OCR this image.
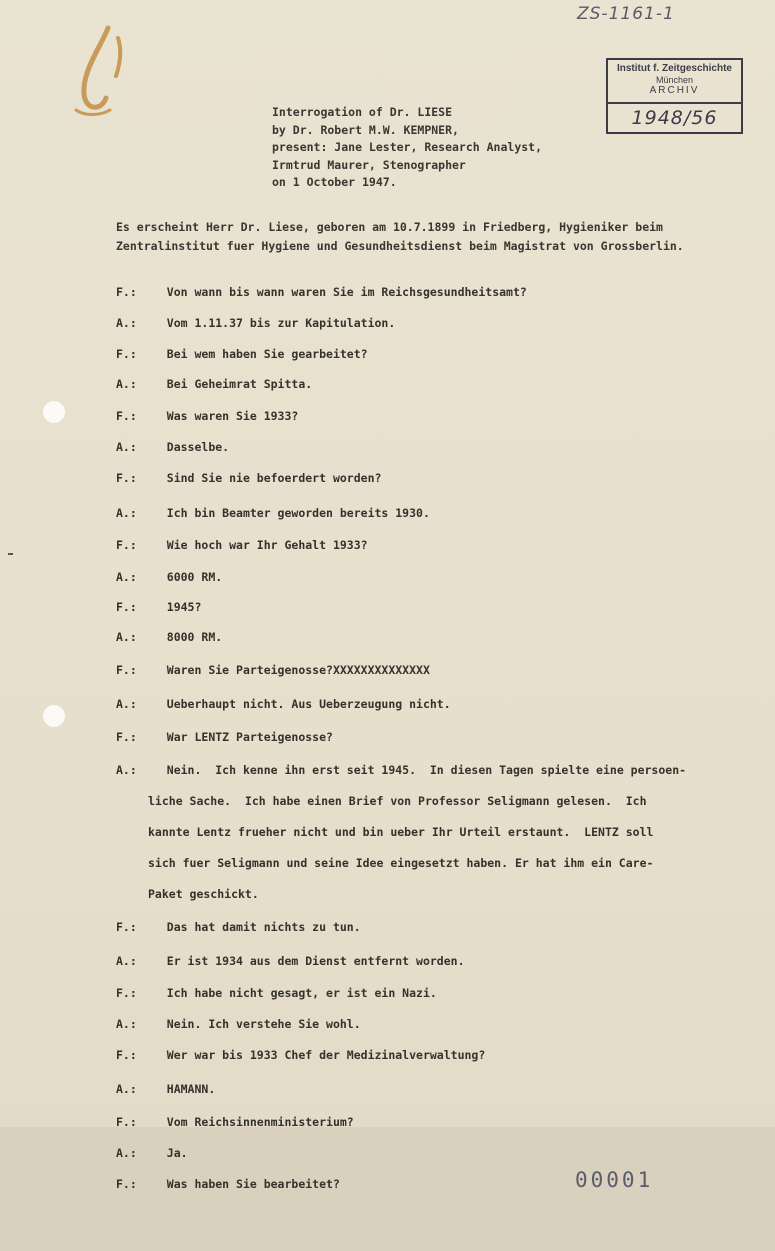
ZS-1161-1
Institut f. Zeitgeschichte
München
ARCHIV
1948/56
Interrogation of Dr. LIESE
by Dr. Robert M.W. KEMPNER,
present: Jane Lester, Research Analyst,
Irmtrud Maurer, Stenographer
on 1 October 1947.
Es erscheint Herr Dr. Liese, geboren am 10.7.1899 in Friedberg, Hygieniker beim Zentralinstitut fuer Hygiene und Gesundheitsdienst beim Magistrat von Grossberlin.
F.:	Von wann bis wann waren Sie im Reichsgesundheitsamt?
A.:	Vom 1.11.37 bis zur Kapitulation.
F.:	Bei wem haben Sie gearbeitet?
A.:	Bei Geheimrat Spitta.
F.:	Was waren Sie 1933?
A.:	Dasselbe.
F.:	Sind Sie nie befoerdert worden?
A.:	Ich bin Beamter geworden bereits 1930.
F.:	Wie hoch war Ihr Gehalt 1933?
A.:	6000 RM.
F.:	1945?
A.:	8000 RM.
F.:	Waren Sie Parteigenosse?XXXXXXXXXXXXXX
A.:	Ueberhaupt nicht. Aus Ueberzeugung nicht.
F.:	War LENTZ Parteigenosse?
A.:	Nein.  Ich kenne ihn erst seit 1945.  In diesen Tagen spielte eine persoen-
liche Sache.  Ich habe einen Brief von Professor Seligmann gelesen.  Ich
kannte Lentz frueher nicht und bin ueber Ihr Urteil erstaunt.  LENTZ soll
sich fuer Seligmann und seine Idee eingesetzt haben. Er hat ihm ein Care-
Paket geschickt.
F.:	Das hat damit nichts zu tun.
A.:	Er ist 1934 aus dem Dienst entfernt worden.
F.:	Ich habe nicht gesagt, er ist ein Nazi.
A.:	Nein. Ich verstehe Sie wohl.
F.:	Wer war bis 1933 Chef der Medizinalverwaltung?
A.:	HAMANN.
F.:	Vom Reichsinnenministerium?
A.:	Ja.
F.:	Was haben Sie bearbeitet?	00001
